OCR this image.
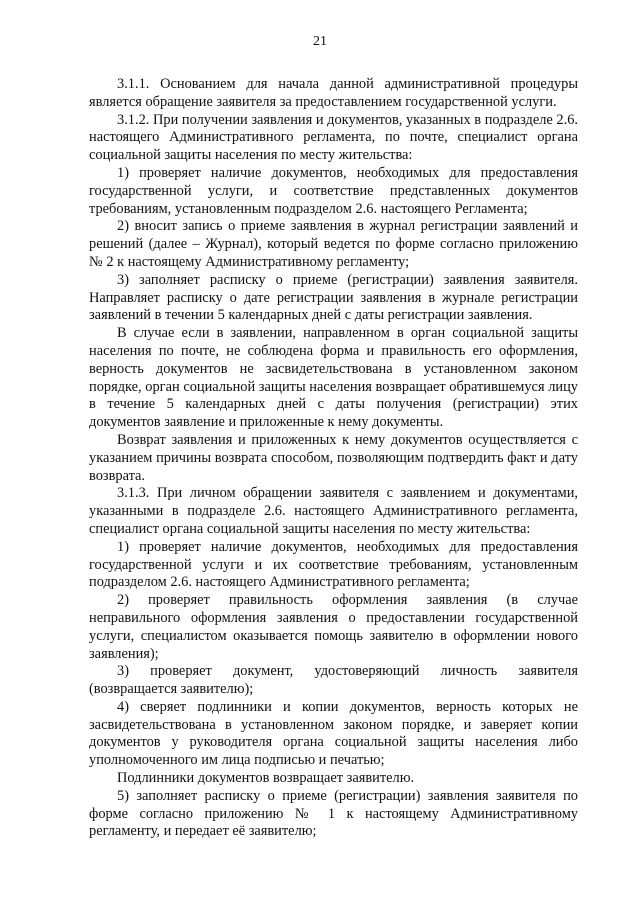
21

3.1.1. Основанием для начала данной административной процедуры является обращение заявителя за предоставлением государственной услуги.

3.1.2. При получении заявления и документов, указанных в подразделе 2.6. настоящего Административного регламента, по почте, специалист органа социальной защиты населения по месту жительства:

1) проверяет наличие документов, необходимых для предоставления государственной услуги, и соответствие представленных документов требованиям, установленным подразделом 2.6. настоящего Регламента;

2) вносит запись о приеме заявления в журнал регистрации заявлений и решений (далее – Журнал), который ведется по форме согласно приложению № 2 к настоящему Административному регламенту;

3) заполняет расписку о приеме (регистрации) заявления заявителя. Направляет расписку о дате регистрации заявления в журнале регистрации заявлений в течении 5 календарных дней с даты регистрации заявления.

В случае если в заявлении, направленном в орган социальной защиты населения по почте, не соблюдена форма и правильность его оформления, верность документов не засвидетельствована в установленном законом порядке, орган социальной защиты населения возвращает обратившемуся лицу в течение 5 календарных дней с даты получения (регистрации) этих документов заявление и приложенные к нему документы.

Возврат заявления и приложенных к нему документов осуществляется с указанием причины возврата способом, позволяющим подтвердить факт и дату возврата.

3.1.3. При личном обращении заявителя с заявлением и документами, указанными в подразделе 2.6. настоящего Административного регламента, специалист органа социальной защиты населения по месту жительства:

1) проверяет наличие документов, необходимых для предоставления государственной услуги и их соответствие требованиям, установленным подразделом 2.6. настоящего Административного регламента;

2) проверяет правильность оформления заявления (в случае неправильного оформления заявления о предоставлении государственной услуги, специалистом оказывается помощь заявителю в оформлении нового заявления);

3) проверяет документ, удостоверяющий личность заявителя (возвращается заявителю);

4) сверяет подлинники и копии документов, верность которых не засвидетельствована в установленном законом порядке, и заверяет копии документов у руководителя органа социальной защиты населения либо уполномоченного им лица подписью и печатью;

Подлинники документов возвращает заявителю.

5) заполняет расписку о приеме (регистрации) заявления заявителя по форме согласно приложению № 1 к настоящему Административному регламенту, и передает её заявителю;
